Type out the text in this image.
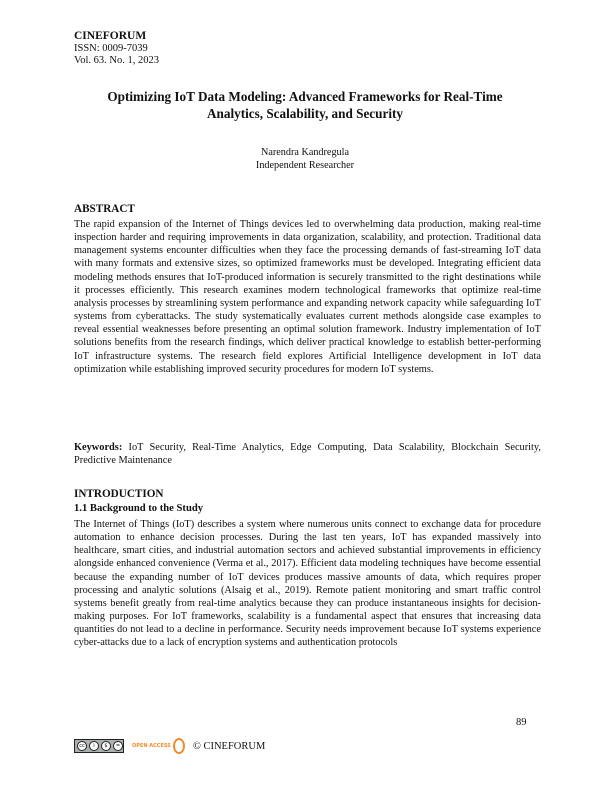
CINEFORUM
ISSN: 0009-7039
Vol. 63. No. 1, 2023
Optimizing IoT Data Modeling: Advanced Frameworks for Real-Time
Analytics, Scalability, and Security
Narendra Kandregula
Independent Researcher
ABSTRACT
The rapid expansion of the Internet of Things devices led to overwhelming data production, making real-time inspection harder and requiring improvements in data organization, scalability, and protection. Traditional data management systems encounter difficulties when they face the processing demands of fast-streaming IoT data with many formats and extensive sizes, so optimized frameworks must be developed. Integrating efficient data modeling methods ensures that IoT-produced information is securely transmitted to the right destinations while it processes efficiently. This research examines modern technological frameworks that optimize real-time analysis processes by streamlining system performance and expanding network capacity while safeguarding IoT systems from cyberattacks. The study systematically evaluates current methods alongside case examples to reveal essential weaknesses before presenting an optimal solution framework. Industry implementation of IoT solutions benefits from the research findings, which deliver practical knowledge to establish better-performing IoT infrastructure systems. The research field explores Artificial Intelligence development in IoT data optimization while establishing improved security procedures for modern IoT systems.
Keywords: IoT Security, Real-Time Analytics, Edge Computing, Data Scalability, Blockchain Security, Predictive Maintenance
INTRODUCTION
1.1 Background to the Study
The Internet of Things (IoT) describes a system where numerous units connect to exchange data for procedure automation to enhance decision processes. During the last ten years, IoT has expanded massively into healthcare, smart cities, and industrial automation sectors and achieved substantial improvements in efficiency alongside enhanced convenience (Verma et al., 2017). Efficient data modeling techniques have become essential because the expanding number of IoT devices produces massive amounts of data, which requires proper processing and analytic solutions (Alsaig et al., 2019). Remote patient monitoring and smart traffic control systems benefit greatly from real-time analytics because they can produce instantaneous insights for decision-making purposes. For IoT frameworks, scalability is a fundamental aspect that ensures that increasing data quantities do not lead to a decline in performance. Security needs improvement because IoT systems experience cyber-attacks due to a lack of encryption systems and authentication protocols
89
cc	i	$	=	OPEN ACCESS © CINEFORUM
